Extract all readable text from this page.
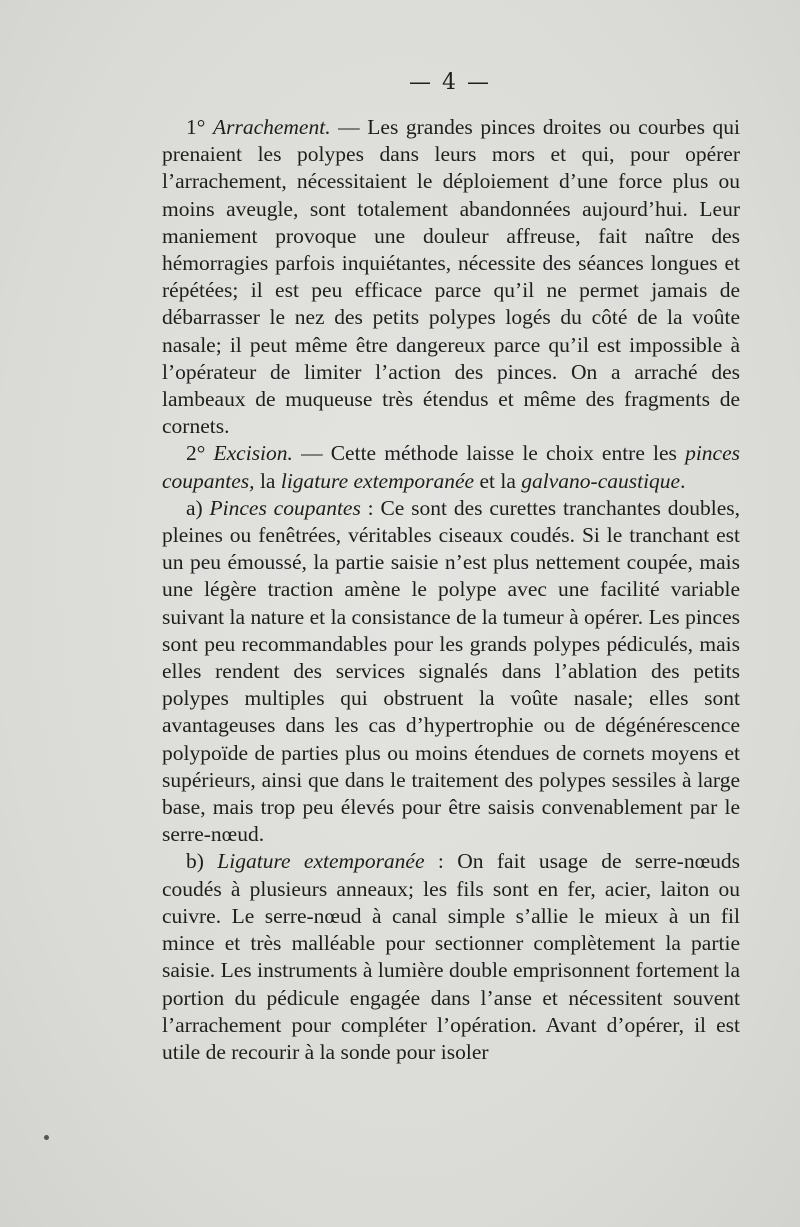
— 4 —

1° Arrachement. — Les grandes pinces droites ou courbes qui prenaient les polypes dans leurs mors et qui, pour opérer l’arrachement, nécessitaient le déploiement d’une force plus ou moins aveugle, sont totalement abandonnées aujourd’hui. Leur maniement provoque une douleur affreuse, fait naître des hémorragies parfois inquiétantes, nécessite des séances longues et répétées; il est peu efficace parce qu’il ne permet jamais de débarrasser le nez des petits polypes logés du côté de la voûte nasale; il peut même être dangereux parce qu’il est impossible à l’opérateur de limiter l’action des pinces. On a arraché des lambeaux de muqueuse très étendus et même des fragments de cornets.

2° Excision. — Cette méthode laisse le choix entre les pinces coupantes, la ligature extemporanée et la galvano-caustique.

a) Pinces coupantes : Ce sont des curettes tranchantes doubles, pleines ou fenêtrées, véritables ciseaux coudés. Si le tranchant est un peu émoussé, la partie saisie n’est plus nettement coupée, mais une légère traction amène le polype avec une facilité variable suivant la nature et la consistance de la tumeur à opérer. Les pinces sont peu recommandables pour les grands polypes pédiculés, mais elles rendent des services signalés dans l’ablation des petits polypes multiples qui obstruent la voûte nasale; elles sont avantageuses dans les cas d’hypertrophie ou de dégénérescence polypoïde de parties plus ou moins étendues de cornets moyens et supérieurs, ainsi que dans le traitement des polypes sessiles à large base, mais trop peu élevés pour être saisis convenablement par le serre-nœud.

b) Ligature extemporanée : On fait usage de serre-nœuds coudés à plusieurs anneaux; les fils sont en fer, acier, laiton ou cuivre. Le serre-nœud à canal simple s’allie le mieux à un fil mince et très malléable pour sectionner complètement la partie saisie. Les instruments à lumière double emprisonnent fortement la portion du pédicule engagée dans l’anse et nécessitent souvent l’arrachement pour compléter l’opération. Avant d’opérer, il est utile de recourir à la sonde pour isoler
